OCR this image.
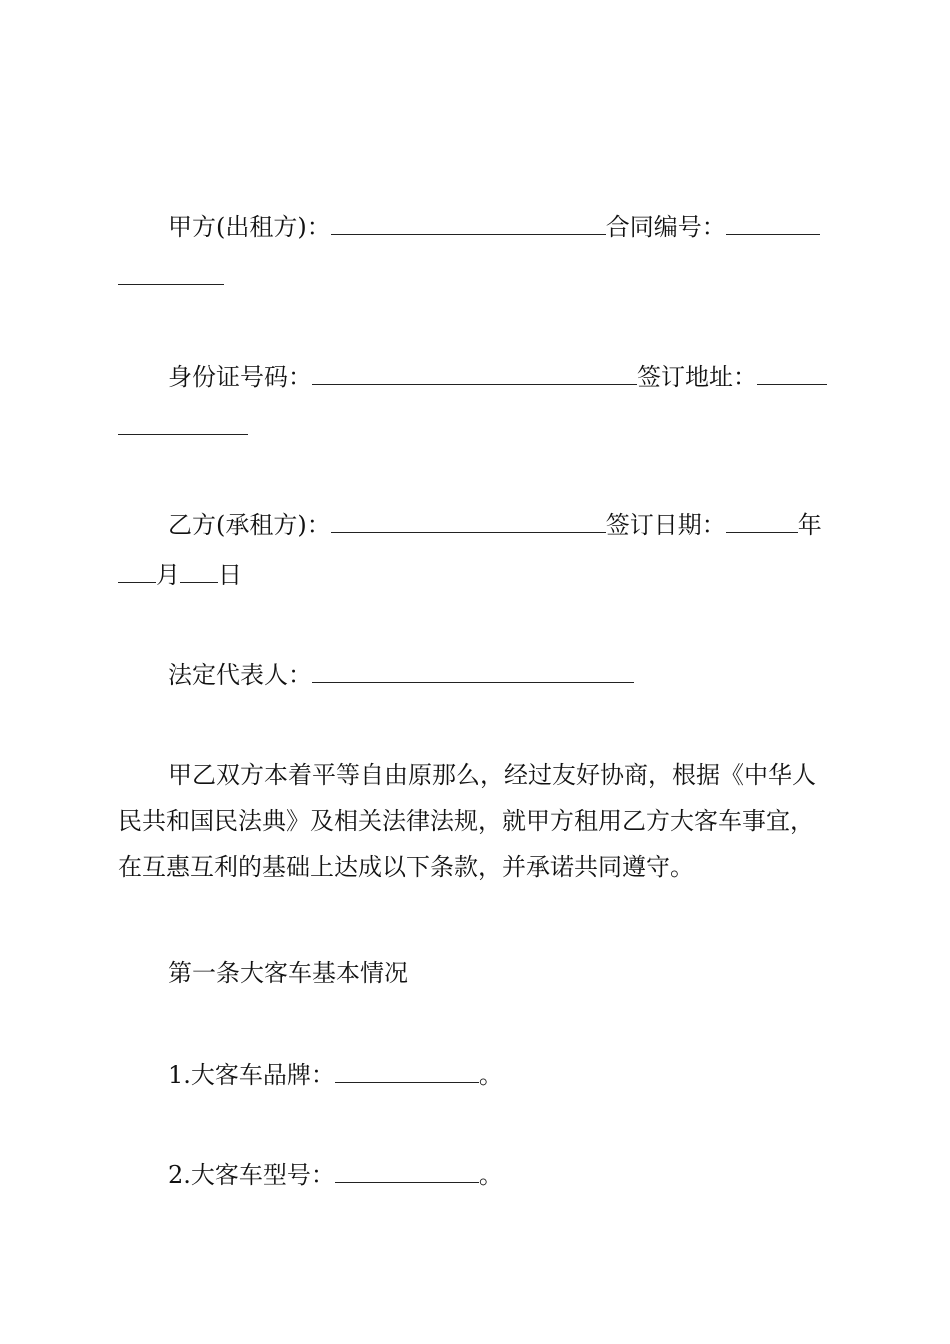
甲方(出租方)：	合同编号：
身份证号码：	签订地址：
乙方(承租方)：	签订日期：	年
月 日
法定代表人：
甲乙双方本着平等自由原那么，经过友好协商，根据《中华人民共和国民法典》及相关法律法规，就甲方租用乙方大客车事宜，在互惠互利的基础上达成以下条款，并承诺共同遵守。
第一条大客车基本情况
1.大客车品牌：	。
2.大客车型号：	。
